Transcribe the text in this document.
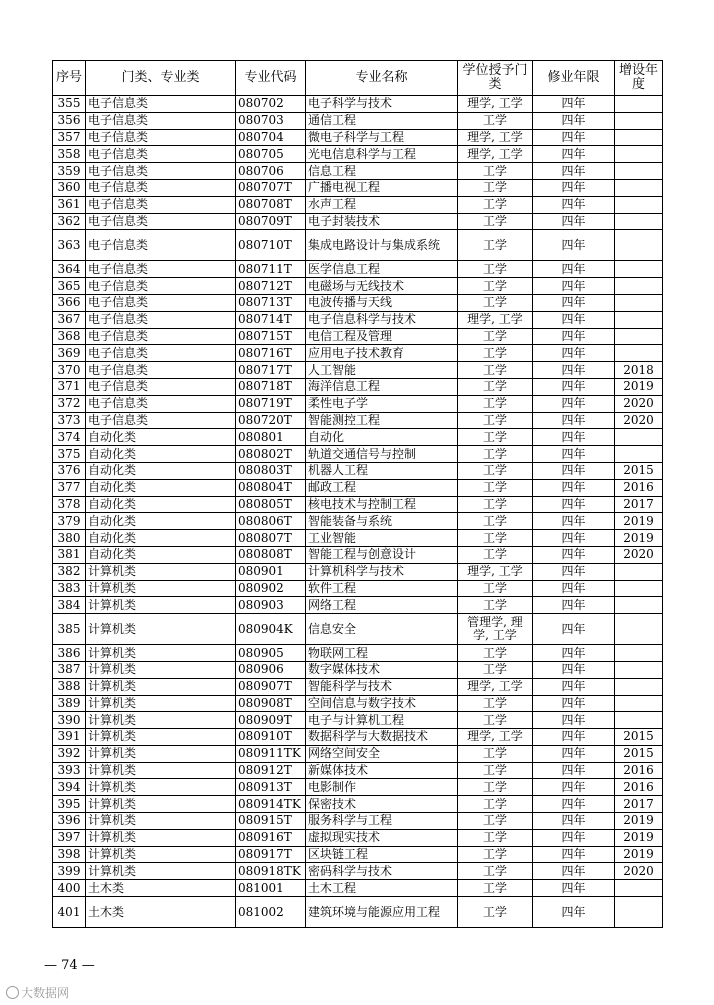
序号	门类、专业类	专业代码	专业名称	学位授予门类	修业年限	增设年度
355	电子信息类	080702	电子科学与技术	理学, 工学	四年	
356	电子信息类	080703	通信工程	工学	四年	
357	电子信息类	080704	微电子科学与工程	理学, 工学	四年	
358	电子信息类	080705	光电信息科学与工程	理学, 工学	四年	
359	电子信息类	080706	信息工程	工学	四年	
360	电子信息类	080707T	广播电视工程	工学	四年	
361	电子信息类	080708T	水声工程	工学	四年	
362	电子信息类	080709T	电子封装技术	工学	四年	
363	电子信息类	080710T	集成电路设计与集成系统	工学	四年	
364	电子信息类	080711T	医学信息工程	工学	四年	
365	电子信息类	080712T	电磁场与无线技术	工学	四年	
366	电子信息类	080713T	电波传播与天线	工学	四年	
367	电子信息类	080714T	电子信息科学与技术	理学, 工学	四年	
368	电子信息类	080715T	电信工程及管理	工学	四年	
369	电子信息类	080716T	应用电子技术教育	工学	四年	
370	电子信息类	080717T	人工智能	工学	四年	2018
371	电子信息类	080718T	海洋信息工程	工学	四年	2019
372	电子信息类	080719T	柔性电子学	工学	四年	2020
373	电子信息类	080720T	智能测控工程	工学	四年	2020
374	自动化类	080801	自动化	工学	四年	
375	自动化类	080802T	轨道交通信号与控制	工学	四年	
376	自动化类	080803T	机器人工程	工学	四年	2015
377	自动化类	080804T	邮政工程	工学	四年	2016
378	自动化类	080805T	核电技术与控制工程	工学	四年	2017
379	自动化类	080806T	智能装备与系统	工学	四年	2019
380	自动化类	080807T	工业智能	工学	四年	2019
381	自动化类	080808T	智能工程与创意设计	工学	四年	2020
382	计算机类	080901	计算机科学与技术	理学, 工学	四年	
383	计算机类	080902	软件工程	工学	四年	
384	计算机类	080903	网络工程	工学	四年	
385	计算机类	080904K	信息安全	管理学, 理学, 工学	四年	
386	计算机类	080905	物联网工程	工学	四年	
387	计算机类	080906	数字媒体技术	工学	四年	
388	计算机类	080907T	智能科学与技术	理学, 工学	四年	
389	计算机类	080908T	空间信息与数字技术	工学	四年	
390	计算机类	080909T	电子与计算机工程	工学	四年	
391	计算机类	080910T	数据科学与大数据技术	理学, 工学	四年	2015
392	计算机类	080911TK	网络空间安全	工学	四年	2015
393	计算机类	080912T	新媒体技术	工学	四年	2016
394	计算机类	080913T	电影制作	工学	四年	2016
395	计算机类	080914TK	保密技术	工学	四年	2017
396	计算机类	080915T	服务科学与工程	工学	四年	2019
397	计算机类	080916T	虚拟现实技术	工学	四年	2019
398	计算机类	080917T	区块链工程	工学	四年	2019
399	计算机类	080918TK	密码科学与技术	工学	四年	2020
400	土木类	081001	土木工程	工学	四年	
401	土木类	081002	建筑环境与能源应用工程	工学	四年	
— 74 —
大数据网
